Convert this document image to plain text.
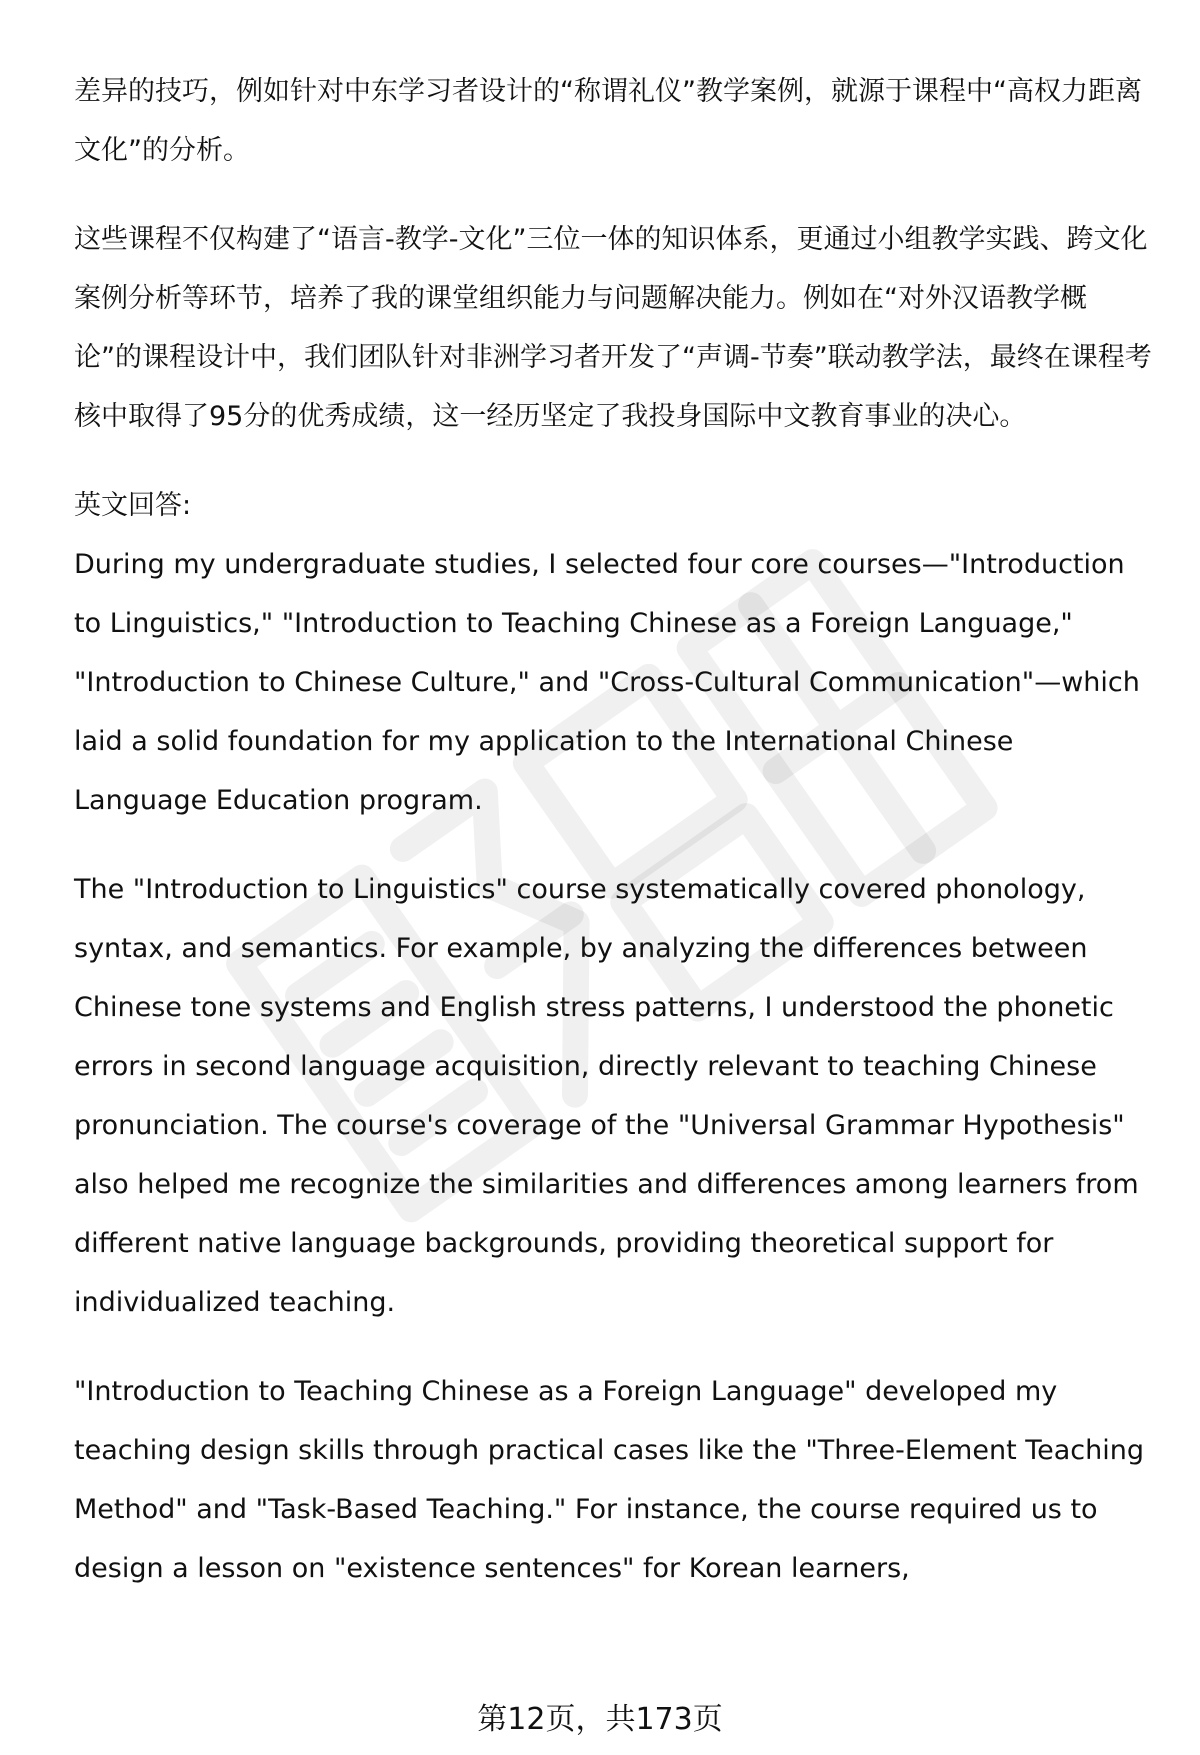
差异的技巧，例如针对中东学习者设计的“称谓礼仪”教学案例，就源于课程中“高权力距离文化”的分析。

这些课程不仅构建了“语言-教学-文化”三位一体的知识体系，更通过小组教学实践、跨文化案例分析等环节，培养了我的课堂组织能力与问题解决能力。例如在“对外汉语教学概论”的课程设计中，我们团队针对非洲学习者开发了“声调-节奏”联动教学法，最终在课程考核中取得了95分的优秀成绩，这一经历坚定了我投身国际中文教育事业的决心。

英文回答:

During my undergraduate studies, I selected four core courses—"Introduction to Linguistics," "Introduction to Teaching Chinese as a Foreign Language," "Introduction to Chinese Culture," and "Cross-Cultural Communication"—which laid a solid foundation for my application to the International Chinese Language Education program.

The "Introduction to Linguistics" course systematically covered phonology, syntax, and semantics. For example, by analyzing the differences between Chinese tone systems and English stress patterns, I understood the phonetic errors in second language acquisition, directly relevant to teaching Chinese pronunciation. The course's coverage of the "Universal Grammar Hypothesis" also helped me recognize the similarities and differences among learners from different native language backgrounds, providing theoretical support for individualized teaching.

"Introduction to Teaching Chinese as a Foreign Language" developed my teaching design skills through practical cases like the "Three-Element Teaching Method" and "Task-Based Teaching." For instance, the course required us to design a lesson on "existence sentences" for Korean learners,

第12页，共173页
